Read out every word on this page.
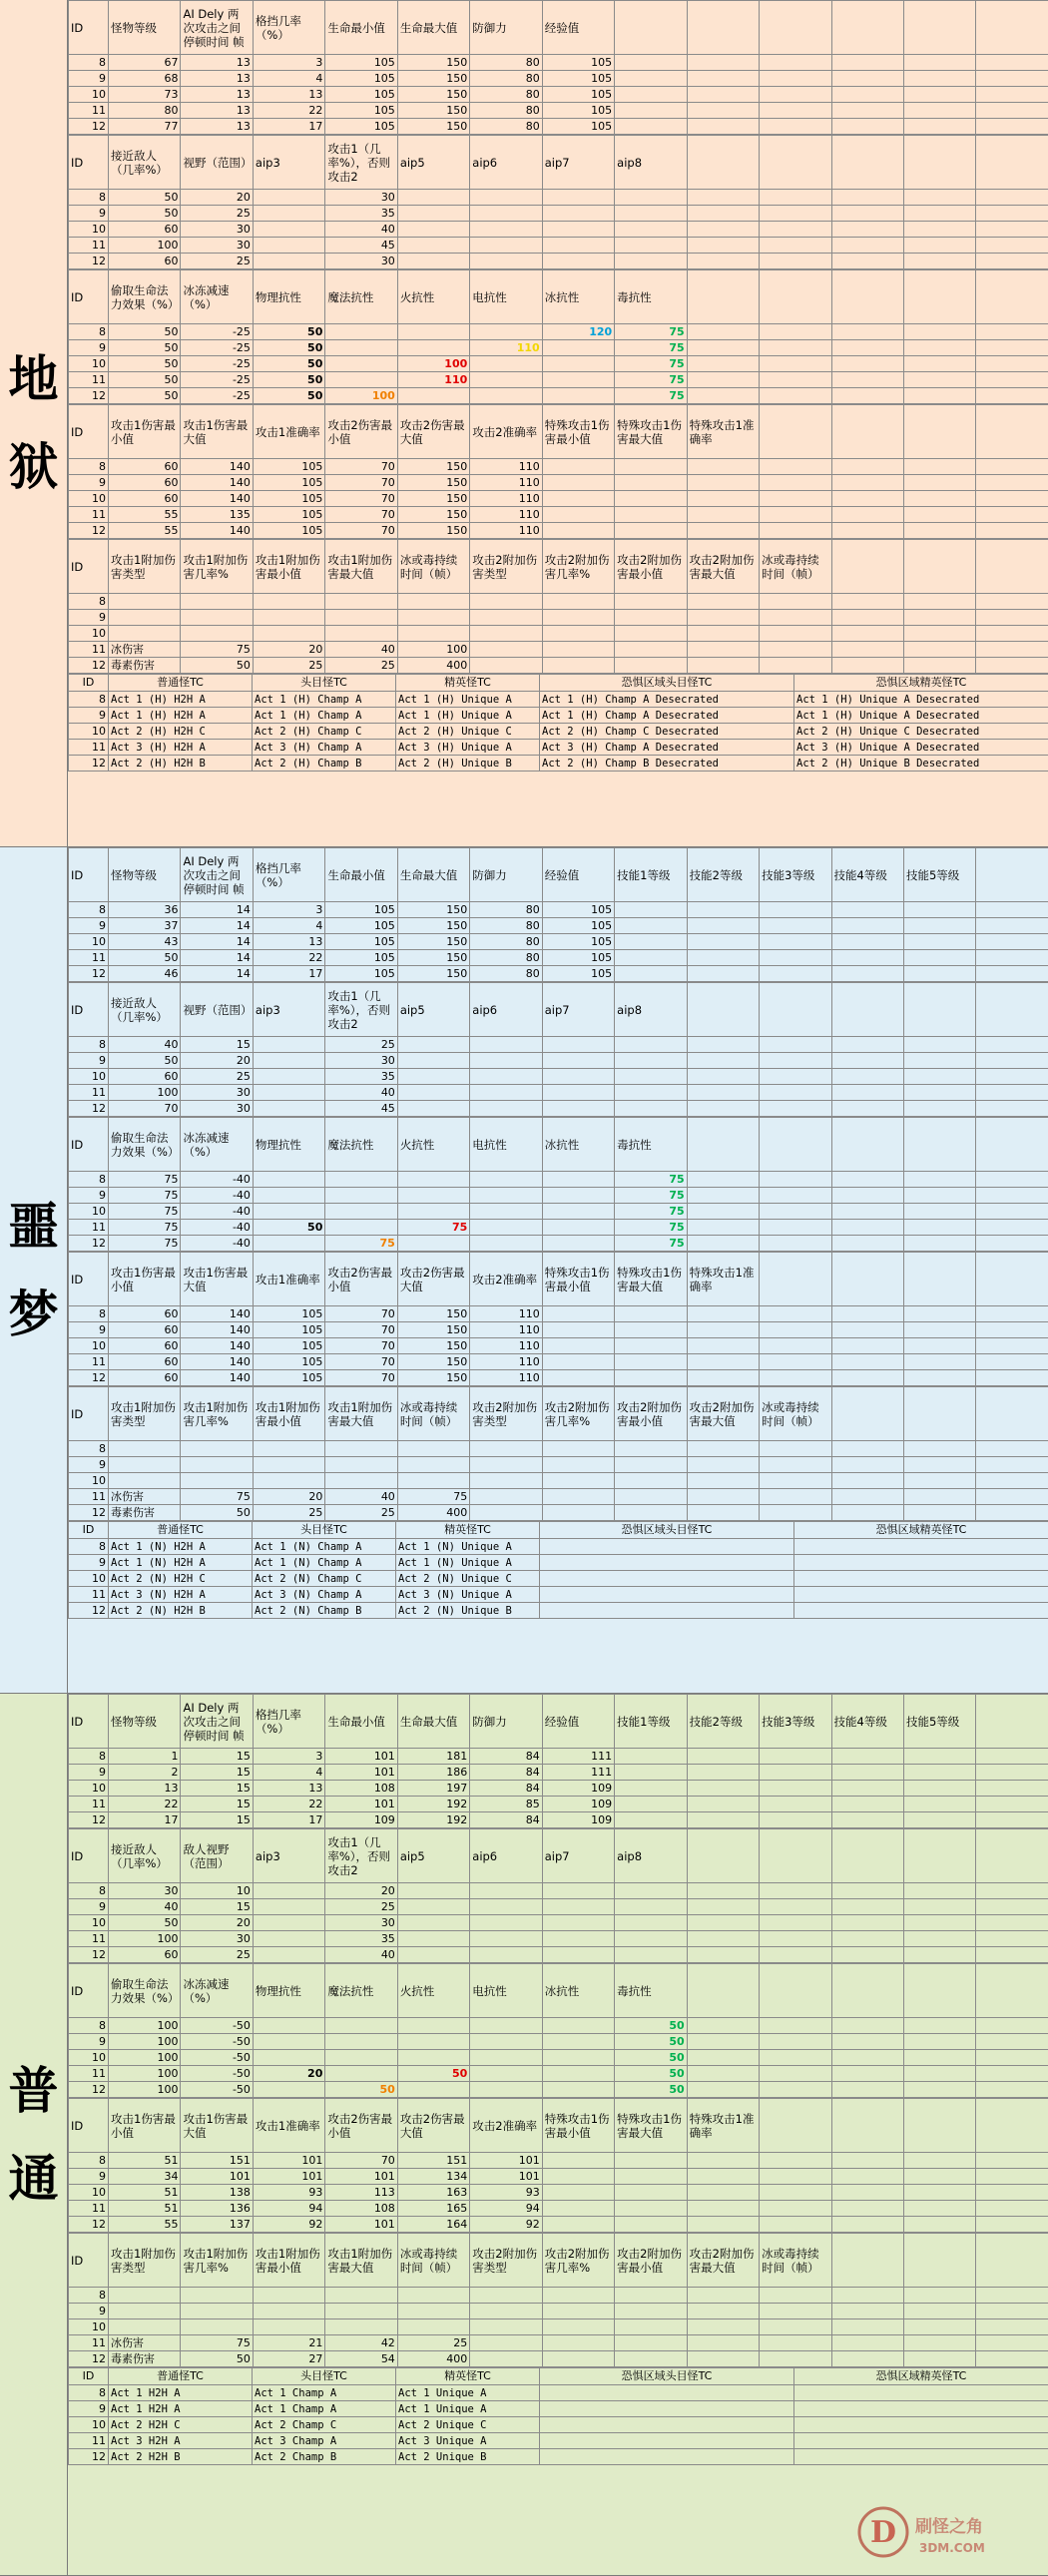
地
狱
ID	怪物等级	AI Dely 两次攻击之间停顿时间 帧	格挡几率（%）	生命最小值	生命最大值	防御力	经验值						
8	67	13	3	105	150	80	105						
9	68	13	4	105	150	80	105						
10	73	13	13	105	150	80	105						
11	80	13	22	105	150	80	105						
12	77	13	17	105	150	80	105						
ID	接近敌人（几率%）	视野（范围）	aip3	攻击1（几率%），否则攻击2	aip5	aip6	aip7	aip8					
8	50	20		30									
9	50	25		35									
10	60	30		40									
11	100	30		45									
12	60	25		30									
ID	偷取生命法力效果（%）	冰冻减速（%）	物理抗性	魔法抗性	火抗性	电抗性	冰抗性	毒抗性					
8	50	-25	50				120	75					
9	50	-25	50			110		75					
10	50	-25	50		100			75					
11	50	-25	50		110			75					
12	50	-25	50	100				75					
ID	攻击1伤害最小值	攻击1伤害最大值	攻击1准确率	攻击2伤害最小值	攻击2伤害最大值	攻击2准确率	特殊攻击1伤害最小值	特殊攻击1伤害最大值	特殊攻击1准确率				
8	60	140	105	70	150	110							
9	60	140	105	70	150	110							
10	60	140	105	70	150	110							
11	55	135	105	70	150	110							
12	55	140	105	70	150	110							
ID	攻击1附加伤害类型	攻击1附加伤害几率%	攻击1附加伤害最小值	攻击1附加伤害最大值	冰或毒持续时间（帧）	攻击2附加伤害类型	攻击2附加伤害几率%	攻击2附加伤害最小值	攻击2附加伤害最大值	冰或毒持续时间（帧）			
8													
9													
10													
11	冰伤害	75	20	40	100								
12	毒素伤害	50	25	25	400								
ID	普通怪TC	头目怪TC	精英怪TC	恐惧区域头目怪TC	恐惧区域精英怪TC
8	Act 1 (H) H2H A	Act 1 (H) Champ A	Act 1 (H) Unique A	Act 1 (H) Champ A Desecrated	Act 1 (H) Unique A Desecrated
9	Act 1 (H) H2H A	Act 1 (H) Champ A	Act 1 (H) Unique A	Act 1 (H) Champ A Desecrated	Act 1 (H) Unique A Desecrated
10	Act 2 (H) H2H C	Act 2 (H) Champ C	Act 2 (H) Unique C	Act 2 (H) Champ C Desecrated	Act 2 (H) Unique C Desecrated
11	Act 3 (H) H2H A	Act 3 (H) Champ A	Act 3 (H) Unique A	Act 3 (H) Champ A Desecrated	Act 3 (H) Unique A Desecrated
12	Act 2 (H) H2H B	Act 2 (H) Champ B	Act 2 (H) Unique B	Act 2 (H) Champ B Desecrated	Act 2 (H) Unique B Desecrated
噩
梦
ID	怪物等级	AI Dely 两次攻击之间停顿时间 帧	格挡几率（%）	生命最小值	生命最大值	防御力	经验值	技能1等级	技能2等级	技能3等级	技能4等级	技能5等级	
8	36	14	3	105	150	80	105						
9	37	14	4	105	150	80	105						
10	43	14	13	105	150	80	105						
11	50	14	22	105	150	80	105						
12	46	14	17	105	150	80	105						
ID	接近敌人（几率%）	视野（范围）	aip3	攻击1（几率%），否则攻击2	aip5	aip6	aip7	aip8					
8	40	15		25									
9	50	20		30									
10	60	25		35									
11	100	30		40									
12	70	30		45									
ID	偷取生命法力效果（%）	冰冻减速（%）	物理抗性	魔法抗性	火抗性	电抗性	冰抗性	毒抗性					
8	75	-40						75					
9	75	-40						75					
10	75	-40						75					
11	75	-40	50		75			75					
12	75	-40		75				75					
ID	攻击1伤害最小值	攻击1伤害最大值	攻击1准确率	攻击2伤害最小值	攻击2伤害最大值	攻击2准确率	特殊攻击1伤害最小值	特殊攻击1伤害最大值	特殊攻击1准确率				
8	60	140	105	70	150	110							
9	60	140	105	70	150	110							
10	60	140	105	70	150	110							
11	60	140	105	70	150	110							
12	60	140	105	70	150	110							
ID	攻击1附加伤害类型	攻击1附加伤害几率%	攻击1附加伤害最小值	攻击1附加伤害最大值	冰或毒持续时间（帧）	攻击2附加伤害类型	攻击2附加伤害几率%	攻击2附加伤害最小值	攻击2附加伤害最大值	冰或毒持续时间（帧）			
8													
9													
10													
11	冰伤害	75	20	40	75								
12	毒素伤害	50	25	25	400								
ID	普通怪TC	头目怪TC	精英怪TC	恐惧区域头目怪TC	恐惧区域精英怪TC
8	Act 1 (N) H2H A	Act 1 (N) Champ A	Act 1 (N) Unique A		
9	Act 1 (N) H2H A	Act 1 (N) Champ A	Act 1 (N) Unique A		
10	Act 2 (N) H2H C	Act 2 (N) Champ C	Act 2 (N) Unique C		
11	Act 3 (N) H2H A	Act 3 (N) Champ A	Act 3 (N) Unique A		
12	Act 2 (N) H2H B	Act 2 (N) Champ B	Act 2 (N) Unique B		
普
通
ID	怪物等级	AI Dely 两次攻击之间停顿时间 帧	格挡几率（%）	生命最小值	生命最大值	防御力	经验值	技能1等级	技能2等级	技能3等级	技能4等级	技能5等级	
8	1	15	3	101	181	84	111						
9	2	15	4	101	186	84	111						
10	13	15	13	108	197	84	109						
11	22	15	22	101	192	85	109						
12	17	15	17	109	192	84	109						
ID	接近敌人（几率%）	敌人视野（范围）	aip3	攻击1（几率%），否则攻击2	aip5	aip6	aip7	aip8					
8	30	10		20									
9	40	15		25									
10	50	20		30									
11	100	30		35									
12	60	25		40									
ID	偷取生命法力效果（%）	冰冻减速（%）	物理抗性	魔法抗性	火抗性	电抗性	冰抗性	毒抗性					
8	100	-50						50					
9	100	-50						50					
10	100	-50						50					
11	100	-50	20		50			50					
12	100	-50		50				50					
ID	攻击1伤害最小值	攻击1伤害最大值	攻击1准确率	攻击2伤害最小值	攻击2伤害最大值	攻击2准确率	特殊攻击1伤害最小值	特殊攻击1伤害最大值	特殊攻击1准确率				
8	51	151	101	70	151	101							
9	34	101	101	101	134	101							
10	51	138	93	113	163	93							
11	51	136	94	108	165	94							
12	55	137	92	101	164	92							
ID	攻击1附加伤害类型	攻击1附加伤害几率%	攻击1附加伤害最小值	攻击1附加伤害最大值	冰或毒持续时间（帧）	攻击2附加伤害类型	攻击2附加伤害几率%	攻击2附加伤害最小值	攻击2附加伤害最大值	冰或毒持续时间（帧）			
8													
9													
10													
11	冰伤害	75	21	42	25								
12	毒素伤害	50	27	54	400								
ID	普通怪TC	头目怪TC	精英怪TC	恐惧区域头目怪TC	恐惧区域精英怪TC
8	Act 1 H2H A	Act 1 Champ A	Act 1 Unique A		
9	Act 1 H2H A	Act 1 Champ A	Act 1 Unique A		
10	Act 2 H2H C	Act 2 Champ C	Act 2 Unique C		
11	Act 3 H2H A	Act 3 Champ A	Act 3 Unique A		
12	Act 2 H2H B	Act 2 Champ B	Act 2 Unique B		
D 刷怪之角
3DM.COM
